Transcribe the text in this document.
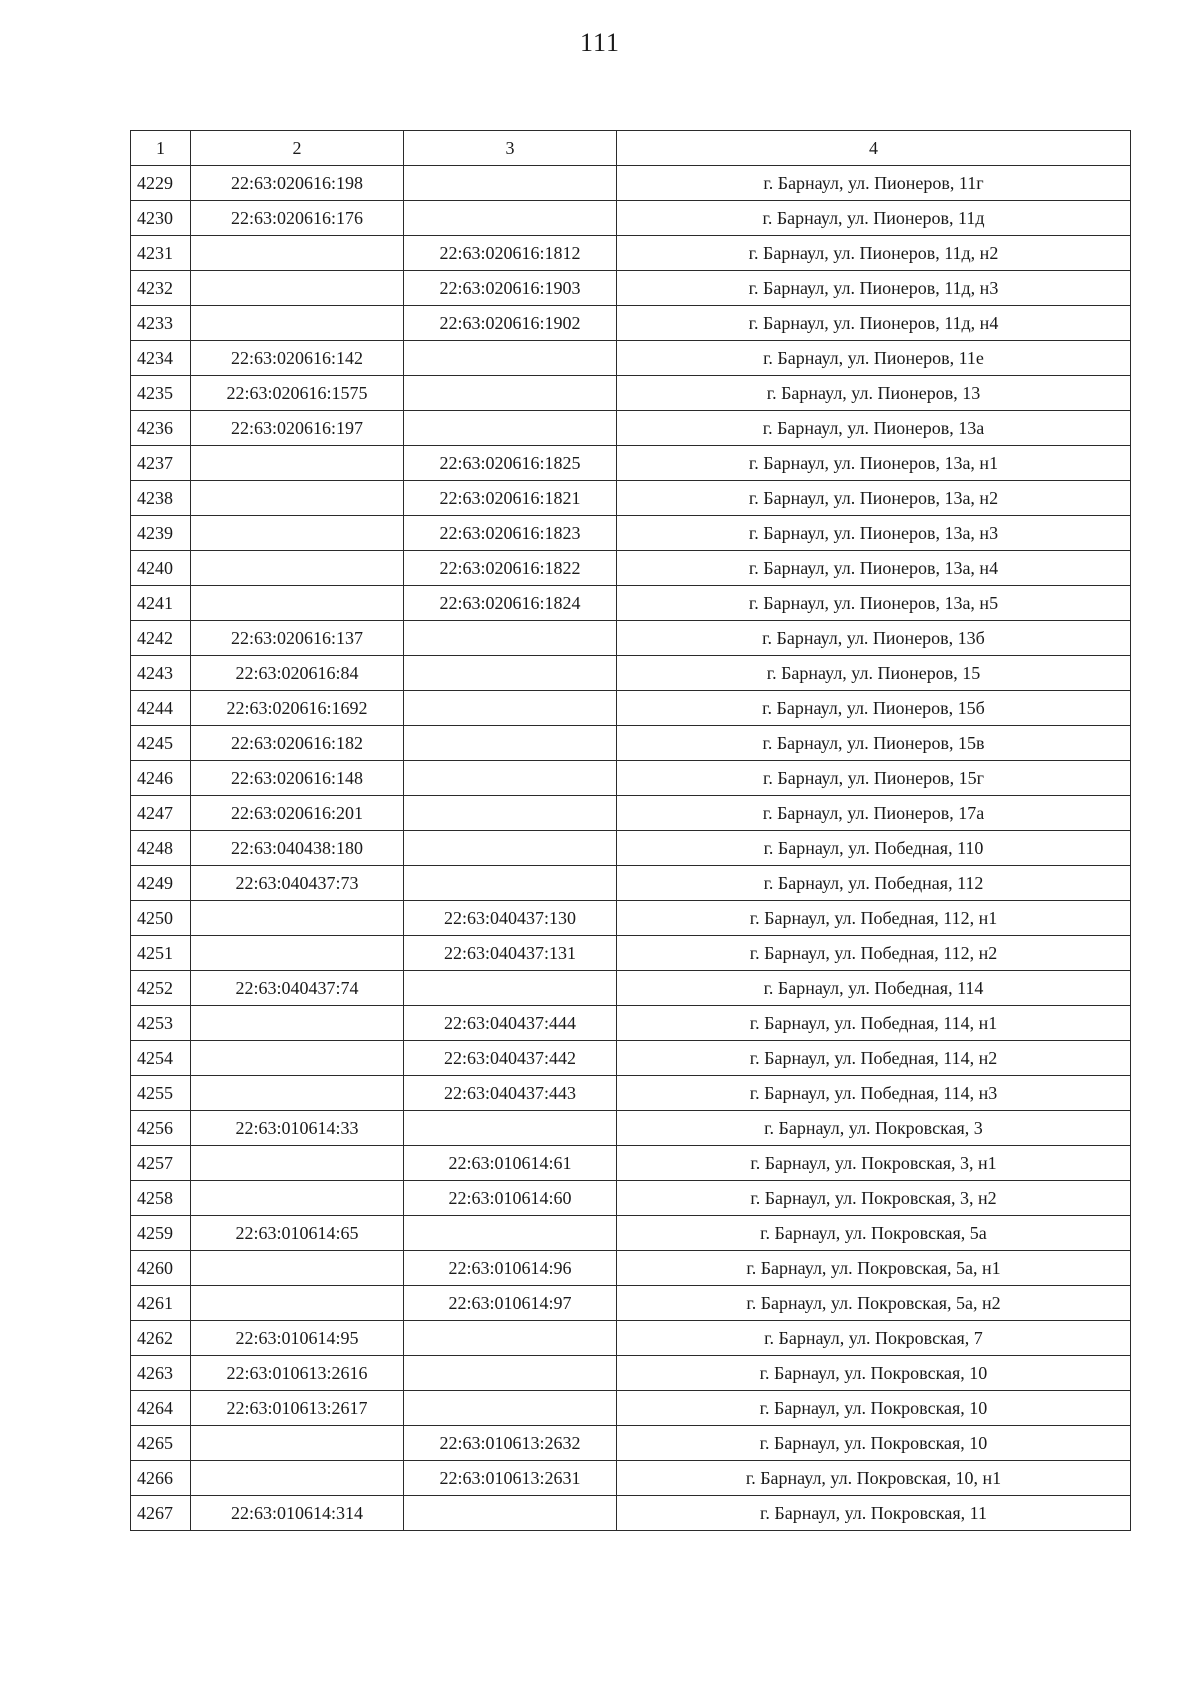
111
1	2	3	4
4229	22:63:020616:198		г. Барнаул, ул. Пионеров, 11г
4230	22:63:020616:176		г. Барнаул, ул. Пионеров, 11д
4231		22:63:020616:1812	г. Барнаул, ул. Пионеров, 11д, н2
4232		22:63:020616:1903	г. Барнаул, ул. Пионеров, 11д, н3
4233		22:63:020616:1902	г. Барнаул, ул. Пионеров, 11д, н4
4234	22:63:020616:142		г. Барнаул, ул. Пионеров, 11е
4235	22:63:020616:1575		г. Барнаул, ул. Пионеров, 13
4236	22:63:020616:197		г. Барнаул, ул. Пионеров, 13а
4237		22:63:020616:1825	г. Барнаул, ул. Пионеров, 13а, н1
4238		22:63:020616:1821	г. Барнаул, ул. Пионеров, 13а, н2
4239		22:63:020616:1823	г. Барнаул, ул. Пионеров, 13а, н3
4240		22:63:020616:1822	г. Барнаул, ул. Пионеров, 13а, н4
4241		22:63:020616:1824	г. Барнаул, ул. Пионеров, 13а, н5
4242	22:63:020616:137		г. Барнаул, ул. Пионеров, 13б
4243	22:63:020616:84		г. Барнаул, ул. Пионеров, 15
4244	22:63:020616:1692		г. Барнаул, ул. Пионеров, 15б
4245	22:63:020616:182		г. Барнаул, ул. Пионеров, 15в
4246	22:63:020616:148		г. Барнаул, ул. Пионеров, 15г
4247	22:63:020616:201		г. Барнаул, ул. Пионеров, 17а
4248	22:63:040438:180		г. Барнаул, ул. Победная, 110
4249	22:63:040437:73		г. Барнаул, ул. Победная, 112
4250		22:63:040437:130	г. Барнаул, ул. Победная, 112, н1
4251		22:63:040437:131	г. Барнаул, ул. Победная, 112, н2
4252	22:63:040437:74		г. Барнаул, ул. Победная, 114
4253		22:63:040437:444	г. Барнаул, ул. Победная, 114, н1
4254		22:63:040437:442	г. Барнаул, ул. Победная, 114, н2
4255		22:63:040437:443	г. Барнаул, ул. Победная, 114, н3
4256	22:63:010614:33		г. Барнаул, ул. Покровская, 3
4257		22:63:010614:61	г. Барнаул, ул. Покровская, 3, н1
4258		22:63:010614:60	г. Барнаул, ул. Покровская, 3, н2
4259	22:63:010614:65		г. Барнаул, ул. Покровская, 5а
4260		22:63:010614:96	г. Барнаул, ул. Покровская, 5а, н1
4261		22:63:010614:97	г. Барнаул, ул. Покровская, 5а, н2
4262	22:63:010614:95		г. Барнаул, ул. Покровская, 7
4263	22:63:010613:2616		г. Барнаул, ул. Покровская, 10
4264	22:63:010613:2617		г. Барнаул, ул. Покровская, 10
4265		22:63:010613:2632	г. Барнаул, ул. Покровская, 10
4266		22:63:010613:2631	г. Барнаул, ул. Покровская, 10, н1
4267	22:63:010614:314		г. Барнаул, ул. Покровская, 11
